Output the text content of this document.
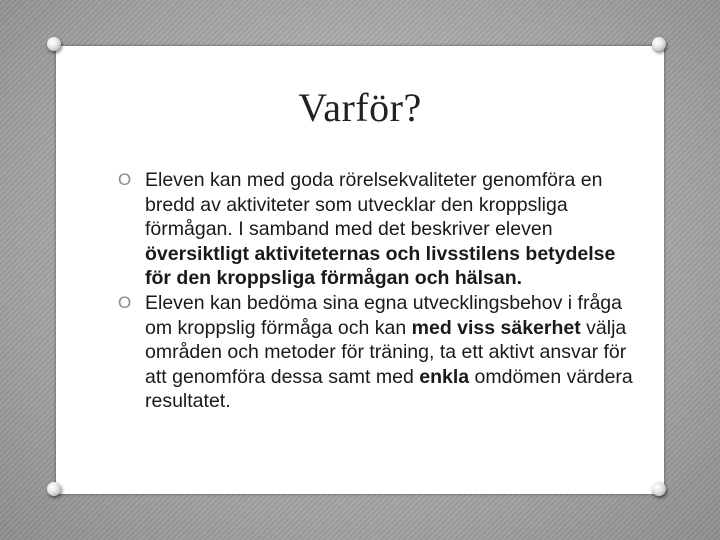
Varför?

O Eleven kan med goda rörelsekvaliteter genomföra en bredd av aktiviteter som utvecklar den kroppsliga förmågan. I samband med det beskriver eleven översiktligt aktiviteternas och livsstilens betydelse för den kroppsliga förmågan och hälsan.

O Eleven kan bedöma sina egna utvecklingsbehov i fråga om kroppslig förmåga och kan med viss säkerhet välja områden och metoder för träning, ta ett aktivt ansvar för att genomföra dessa samt med enkla omdömen värdera resultatet.
